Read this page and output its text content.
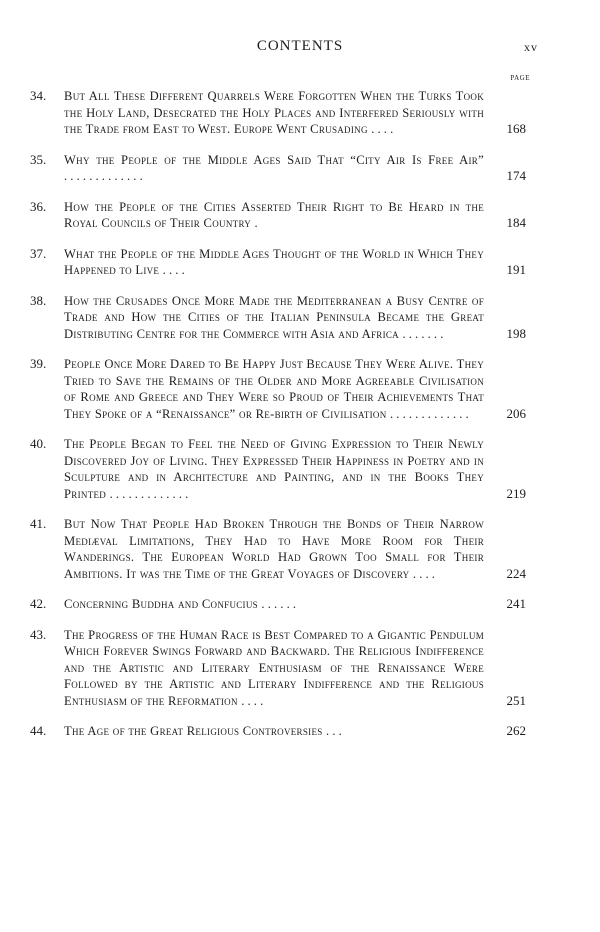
CONTENTS	xv
PAGE
34.	But All These Different Quarrels Were Forgotten When the Turks Took the Holy Land, Desecrated the Holy Places and Interfered Seriously with the Trade from East to West. Europe Went Crusading . . . .	168
35.	Why the People of the Middle Ages Said That “City Air Is Free Air” . . . . . . . . . . . . .	174
36.	How the People of the Cities Asserted Their Right to Be Heard in the Royal Councils of Their Country .	184
37.	What the People of the Middle Ages Thought of the World in Which They Happened to Live . . . .	191
38.	How the Crusades Once More Made the Mediterranean a Busy Centre of Trade and How the Cities of the Italian Peninsula Became the Great Distributing Centre for the Commerce with Asia and Africa . . . . . . .	198
39.	People Once More Dared to Be Happy Just Because They Were Alive. They Tried to Save the Remains of the Older and More Agreeable Civilisation of Rome and Greece and They Were so Proud of Their Achievements That They Spoke of a “Renaissance” or Re-birth of Civilisation . . . . . . . . . . . . .	206
40.	The People Began to Feel the Need of Giving Expression to Their Newly Discovered Joy of Living. They Expressed Their Happiness in Poetry and in Sculpture and in Architecture and Painting, and in the Books They Printed . . . . . . . . . . . . .	219
41.	But Now That People Had Broken Through the Bonds of Their Narrow Mediæval Limitations, They Had to Have More Room for Their Wanderings. The European World Had Grown Too Small for Their Ambitions. It was the Time of the Great Voyages of Discovery . . . .	224
42.	Concerning Buddha and Confucius . . . . . .	241
43.	The Progress of the Human Race is Best Compared to a Gigantic Pendulum Which Forever Swings Forward and Backward. The Religious Indifference and the Artistic and Literary Enthusiasm of the Renaissance Were Followed by the Artistic and Literary Indifference and the Religious Enthusiasm of the Reformation . . . .	251
44.	The Age of the Great Religious Controversies . . .	262
